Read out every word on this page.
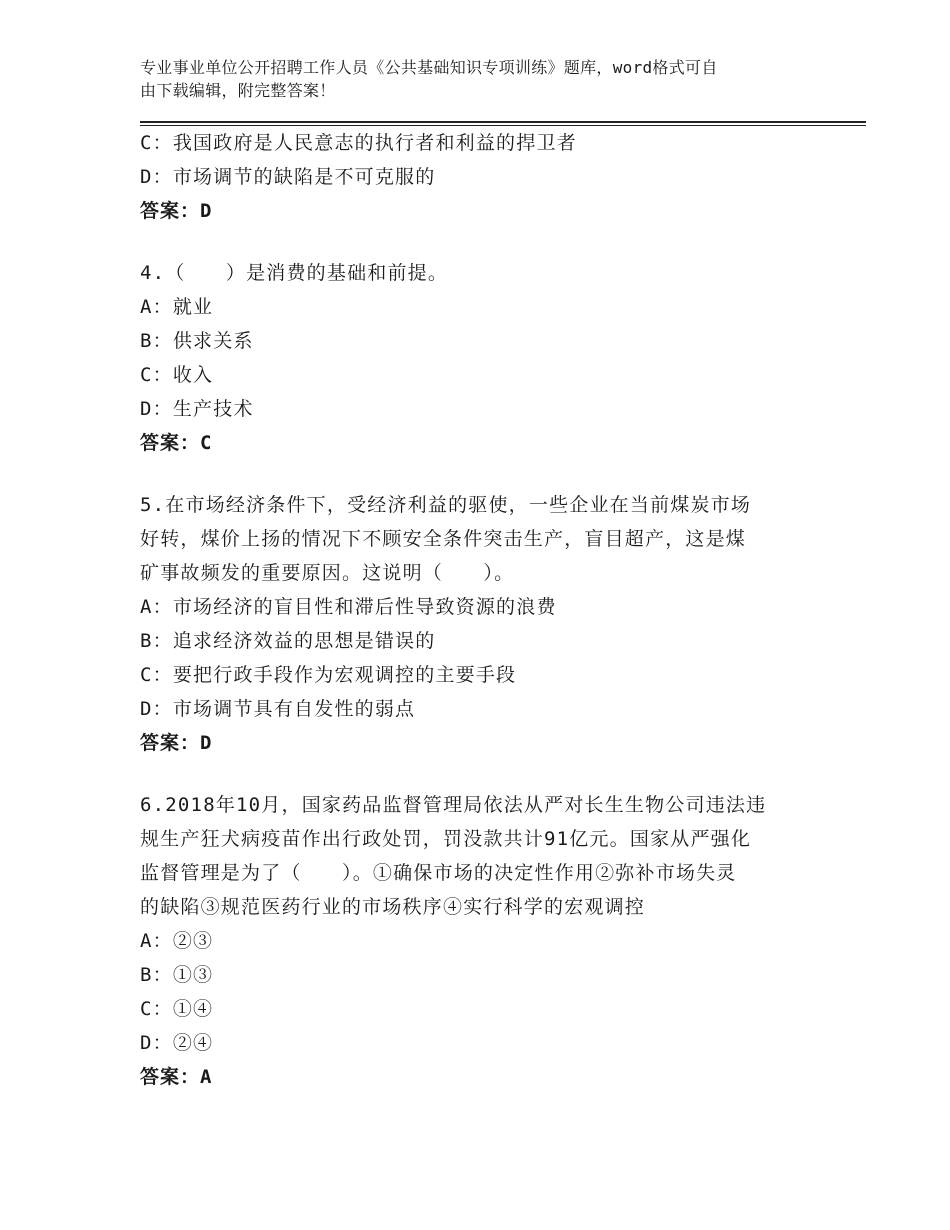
专业事业单位公开招聘工作人员《公共基础知识专项训练》题库，word格式可自
由下载编辑，附完整答案！
C：我国政府是人民意志的执行者和利益的捍卫者
D：市场调节的缺陷是不可克服的
答案：D
4.（　　）是消费的基础和前提。
A：就业
B：供求关系
C：收入
D：生产技术
答案：C
5.在市场经济条件下，受经济利益的驱使，一些企业在当前煤炭市场
好转，煤价上扬的情况下不顾安全条件突击生产，盲目超产，这是煤
矿事故频发的重要原因。这说明（　　）。
A：市场经济的盲目性和滞后性导致资源的浪费
B：追求经济效益的思想是错误的
C：要把行政手段作为宏观调控的主要手段
D：市场调节具有自发性的弱点
答案：D
6.2018年10月，国家药品监督管理局依法从严对长生生物公司违法违
规生产狂犬病疫苗作出行政处罚，罚没款共计91亿元。国家从严强化
监督管理是为了（　　）。①确保市场的决定性作用②弥补市场失灵
的缺陷③规范医药行业的市场秩序④实行科学的宏观调控
A：②③
B：①③
C：①④
D：②④
答案：A
